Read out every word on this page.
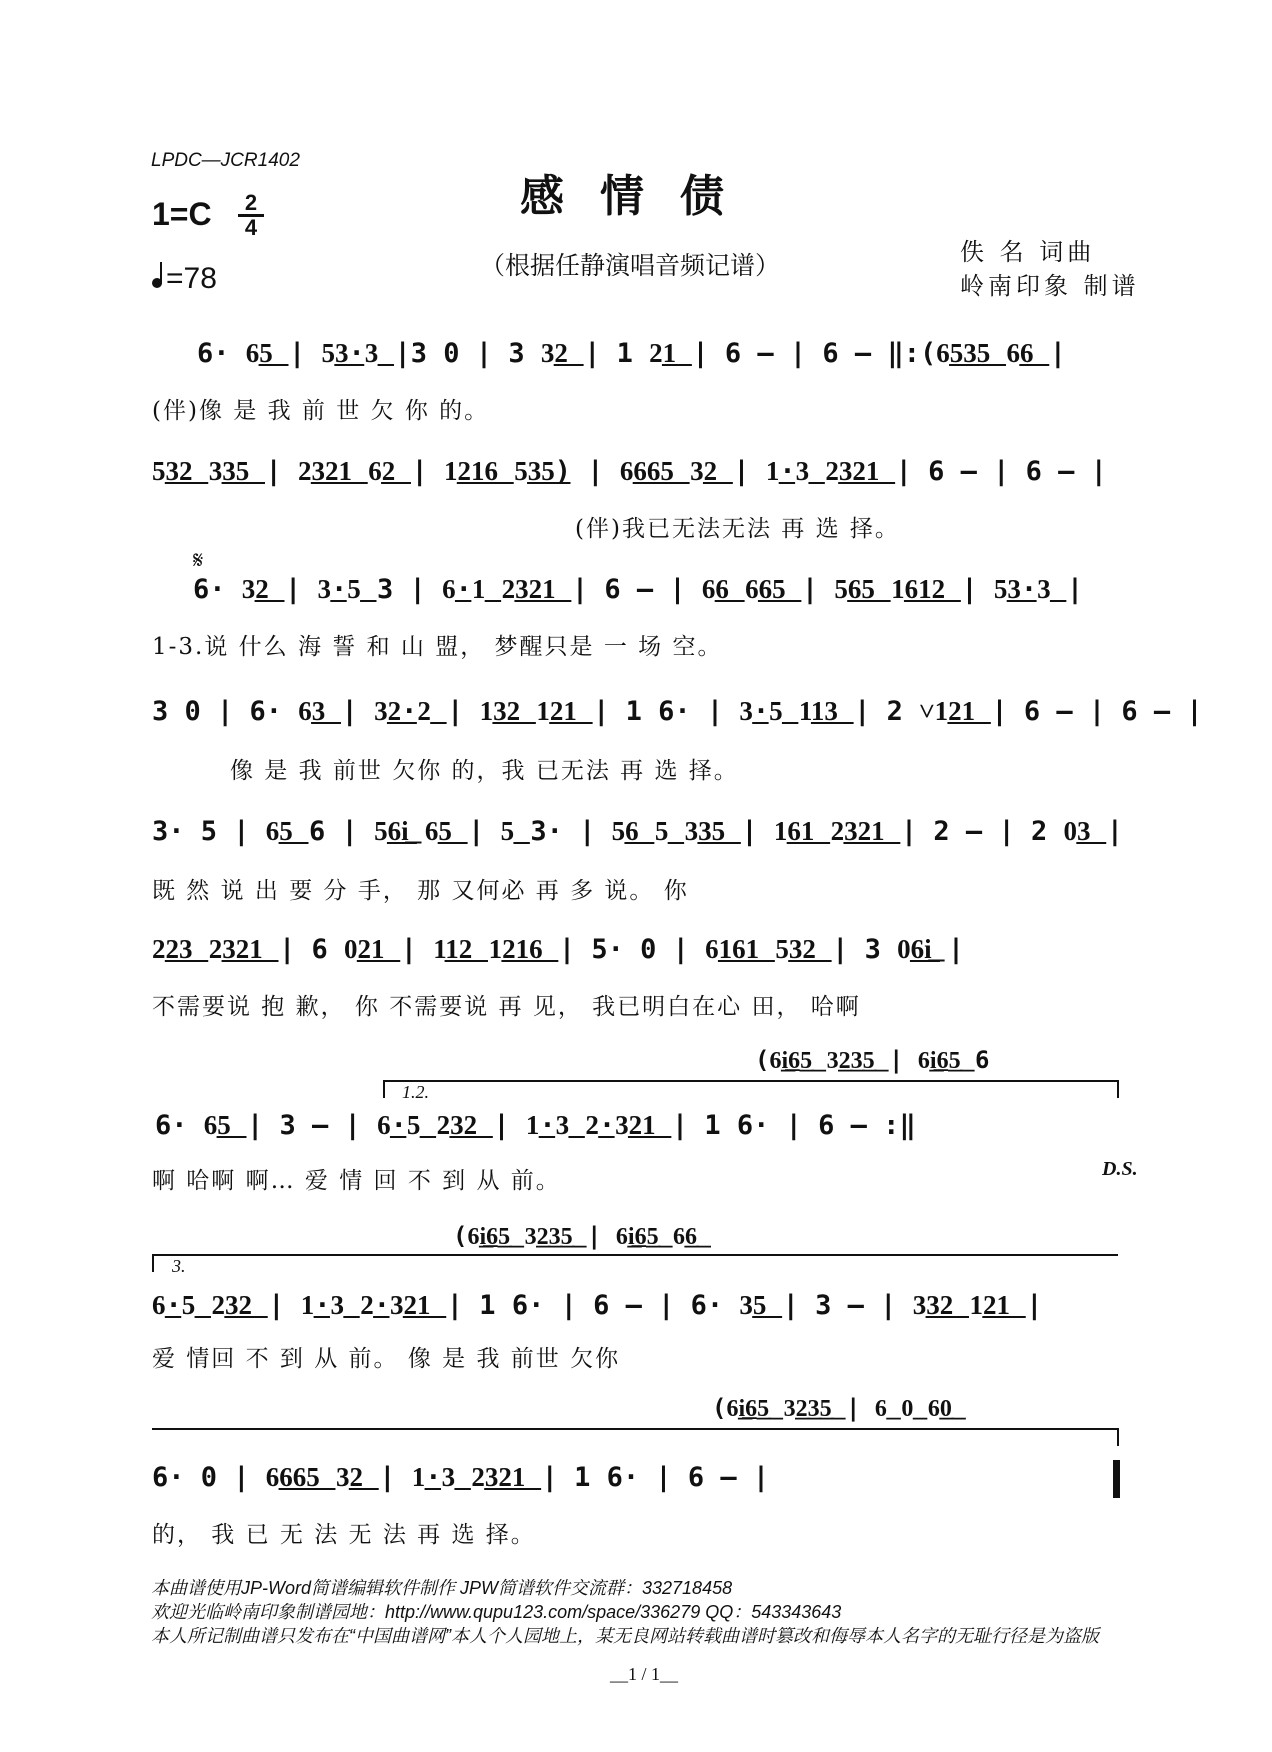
LPDC—JCR1402
感情债
1=C	2
4
=78	（根据任静演唱音频记谱）	佚 名 词曲
岭南印象 制谱
6· 6͟5͟ | 5͟3͟·3͟ |3 0 | 3 3͟2͟ | 1 2͟1͟ | 6 – | 6 – ‖:(6͟5͟3͟5͟ 6͟6͟ |
(伴)像 是 我 前 世 欠 你 的。
5͟3͟2͟ 3͟3͟5͟ | 2͟3͟2͟1͟ 6͟2͟ | 1͟2͟1͟6͟ 5͟3͟5͟) | 6͟6͟6͟5͟ 3͟2͟ | 1͟·3͟ 2͟3͟2͟1͟ | 6 – | 6 – |
(伴)我已无法无法 再 选 择。
𝄋
6· 3͟2͟ | 3͟·5͟ 3 | 6͟·1͟ 2͟3͟2͟1͟ | 6 – | 6͟6͟ 6͟6͟5͟ | 5͟6͟5͟ 1͟6͟1͟2͟ | 5͟3͟·3͟ |
1-3.说 什么 海 誓 和 山 盟， 梦醒只是 一 场 空。
3 0 | 6· 6͟3͟ | 3͟2͟·2͟ | 1͟3͟2͟ 1͟2͟1͟ | 1 6· | 3͟·5͟ 1͟1͟3͟ | 2 ˅1͟2͟1͟ | 6 – | 6 – |
像 是 我 前世 欠你 的，我 已无法 再 选 择。
3· 5 | 6͟5͟ 6 | 5͟6͟i͟ 6͟5͟ | 5͟ 3· | 5͟6͟ 5͟ 3͟3͟5͟ | 1͟6͟1͟ 2͟3͟2͟1͟ | 2 – | 2 0͟3͟ |
既 然 说 出 要 分 手， 那 又何必 再 多 说。 你
2͟2͟3͟ 2͟3͟2͟1͟ | 6 0͟2͟1͟ | 1͟1͟2͟ 1͟2͟1͟6͟ | 5· 0 | 6͟1͟6͟1͟ 5͟3͟2͟ | 3 0͟6͟i͟ |
不需要说 抱 歉， 你 不需要说 再 见， 我已明白在心 田， 哈啊
(6͟i͟6͟5͟ 3͟2͟3͟5͟ | 6͟i͟6͟5͟ 6
1.2.
6· 6͟5͟ | 3 – | 6͟·5͟ 2͟3͟2͟ | 1͟·3͟ 2͟·3͟2͟1͟ | 1 6· | 6 – :‖
啊 哈啊 啊… 爱 情 回 不 到 从 前。	D.S.
(6͟i͟6͟5͟ 3͟2͟3͟5͟ | 6͟i͟6͟5͟ 6͟6͟
3.
6͟·5͟ 2͟3͟2͟ | 1͟·3͟ 2͟·3͟2͟1͟ | 1 6· | 6 – | 6· 3͟5͟ | 3 – | 3͟3͟2͟ 1͟2͟1͟ |
爱 情回 不 到 从 前。 像 是 我 前世 欠你
(6͟i͟6͟5͟ 3͟2͟3͟5͟ | 6͟ 0͟ 6͟0͟
6· 0 | 6͟6͟6͟5͟ 3͟2͟ | 1͟·3͟ 2͟3͟2͟1͟ | 1 6· | 6 – |
的， 我 已 无 法 无 法 再 选 择。
本曲谱使用JP-Word简谱编辑软件制作 JPW简谱软件交流群：332718458
欢迎光临岭南印象制谱园地：http://www.qupu123.com/space/336279 QQ：543343643
本人所记制曲谱只发布在“中国曲谱网”本人个人园地上，某无良网站转载曲谱时篡改和侮辱本人名字的无耻行径是为盗版
__1 / 1__
